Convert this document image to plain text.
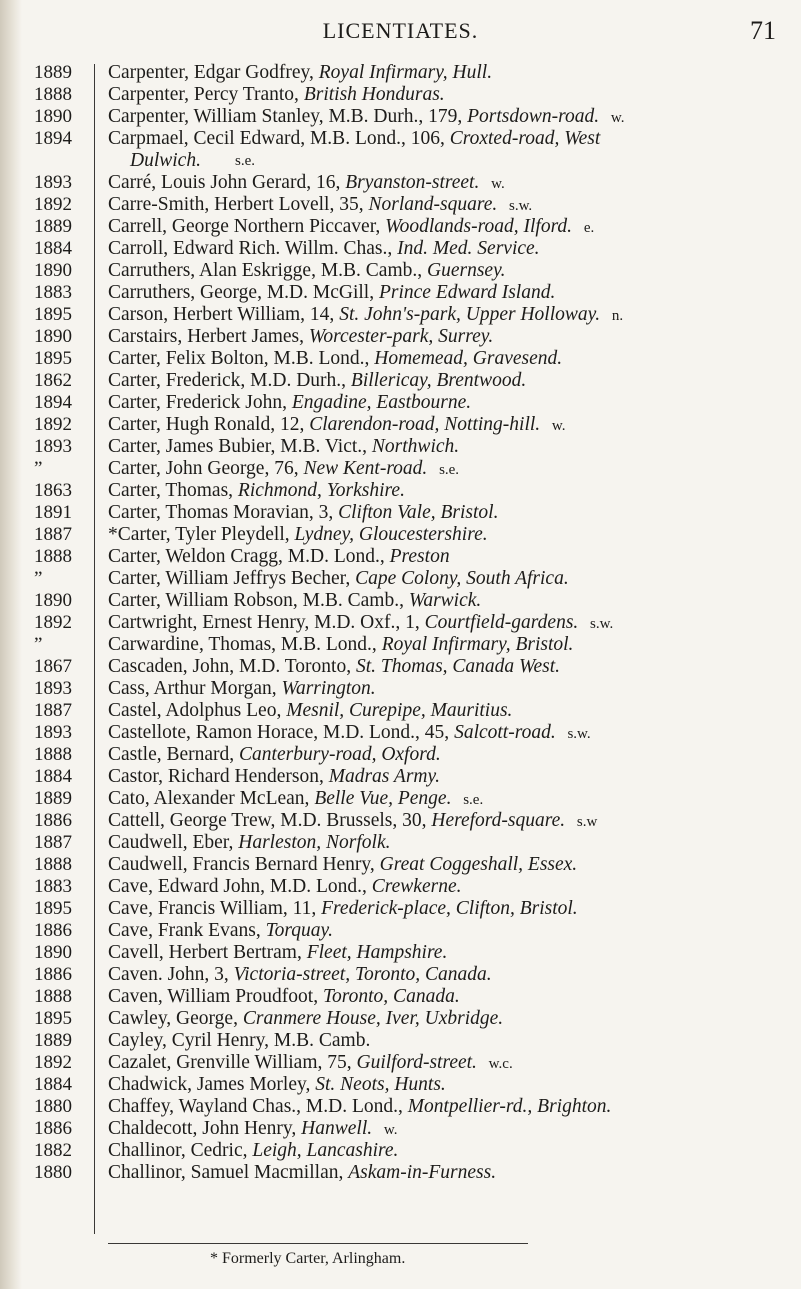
LICENTIATES.	71
1889	Carpenter, Edgar Godfrey, Royal Infirmary, Hull.
1888	Carpenter, Percy Tranto, British Honduras.
1890	Carpenter, William Stanley, M.B. Durh., 179, Portsdown-road. w.
1894	Carpmael, Cecil Edward, M.B. Lond., 106, Croxted-road, West
Dulwich. s.e.
1893	Carré, Louis John Gerard, 16, Bryanston-street. w.
1892	Carre-Smith, Herbert Lovell, 35, Norland-square. s.w.
1889	Carrell, George Northern Piccaver, Woodlands-road, Ilford. e.
1884	Carroll, Edward Rich. Willm. Chas., Ind. Med. Service.
1890	Carruthers, Alan Eskrigge, M.B. Camb., Guernsey.
1883	Carruthers, George, M.D. McGill, Prince Edward Island.
1895	Carson, Herbert William, 14, St. John's-park, Upper Holloway. n.
1890	Carstairs, Herbert James, Worcester-park, Surrey.
1895	Carter, Felix Bolton, M.B. Lond., Homemead, Gravesend.
1862	Carter, Frederick, M.D. Durh., Billericay, Brentwood.
1894	Carter, Frederick John, Engadine, Eastbourne.
1892	Carter, Hugh Ronald, 12, Clarendon-road, Notting-hill. w.
1893	Carter, James Bubier, M.B. Vict., Northwich.
”	Carter, John George, 76, New Kent-road. s.e.
1863	Carter, Thomas, Richmond, Yorkshire.
1891	Carter, Thomas Moravian, 3, Clifton Vale, Bristol.
1887	*Carter, Tyler Pleydell, Lydney, Gloucestershire.
1888	Carter, Weldon Cragg, M.D. Lond., Preston
”	Carter, William Jeffrys Becher, Cape Colony, South Africa.
1890	Carter, William Robson, M.B. Camb., Warwick.
1892	Cartwright, Ernest Henry, M.D. Oxf., 1, Courtfield-gardens. s.w.
”	Carwardine, Thomas, M.B. Lond., Royal Infirmary, Bristol.
1867	Cascaden, John, M.D. Toronto, St. Thomas, Canada West.
1893	Cass, Arthur Morgan, Warrington.
1887	Castel, Adolphus Leo, Mesnil, Curepipe, Mauritius.
1893	Castellote, Ramon Horace, M.D. Lond., 45, Salcott-road. s.w.
1888	Castle, Bernard, Canterbury-road, Oxford.
1884	Castor, Richard Henderson, Madras Army.
1889	Cato, Alexander McLean, Belle Vue, Penge. s.e.
1886	Cattell, George Trew, M.D. Brussels, 30, Hereford-square. s.w
1887	Caudwell, Eber, Harleston, Norfolk.
1888	Caudwell, Francis Bernard Henry, Great Coggeshall, Essex.
1883	Cave, Edward John, M.D. Lond., Crewkerne.
1895	Cave, Francis William, 11, Frederick-place, Clifton, Bristol.
1886	Cave, Frank Evans, Torquay.
1890	Cavell, Herbert Bertram, Fleet, Hampshire.
1886	Caven. John, 3, Victoria-street, Toronto, Canada.
1888	Caven, William Proudfoot, Toronto, Canada.
1895	Cawley, George, Cranmere House, Iver, Uxbridge.
1889	Cayley, Cyril Henry, M.B. Camb.
1892	Cazalet, Grenville William, 75, Guilford-street. w.c.
1884	Chadwick, James Morley, St. Neots, Hunts.
1880	Chaffey, Wayland Chas., M.D. Lond., Montpellier-rd., Brighton.
1886	Chaldecott, John Henry, Hanwell. w.
1882	Challinor, Cedric, Leigh, Lancashire.
1880	Challinor, Samuel Macmillan, Askam-in-Furness.
* Formerly Carter, Arlingham.
